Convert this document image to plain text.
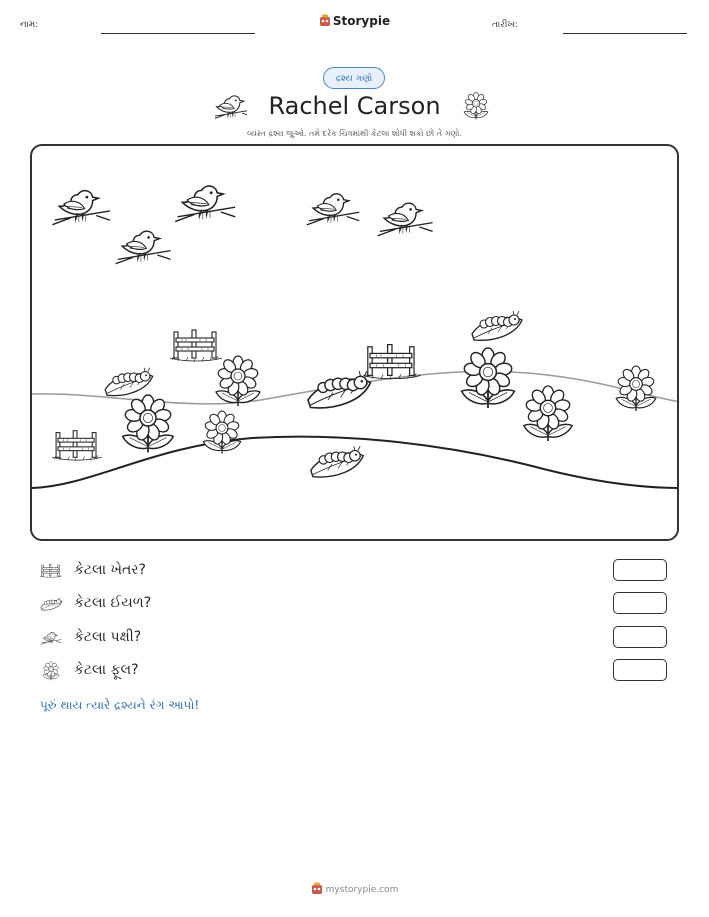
નામ:	Storypie	તારીખ:
દ્રશ્ય ગણો
Rachel Carson
વ્યસ્ત દ્રશ્ય જુઓ. તમે દરેક ચિત્રમાંથી કેટલા શોધી શકો છો તે ગણો.
કેટલા ખેતર?
કેટલા ઈયળ?
કેટલા પક્ષી?
કેટલા ફૂલ?
પૂરું થાય ત્યારે દ્રશ્યને રંગ આપો!
mystorypie.com
